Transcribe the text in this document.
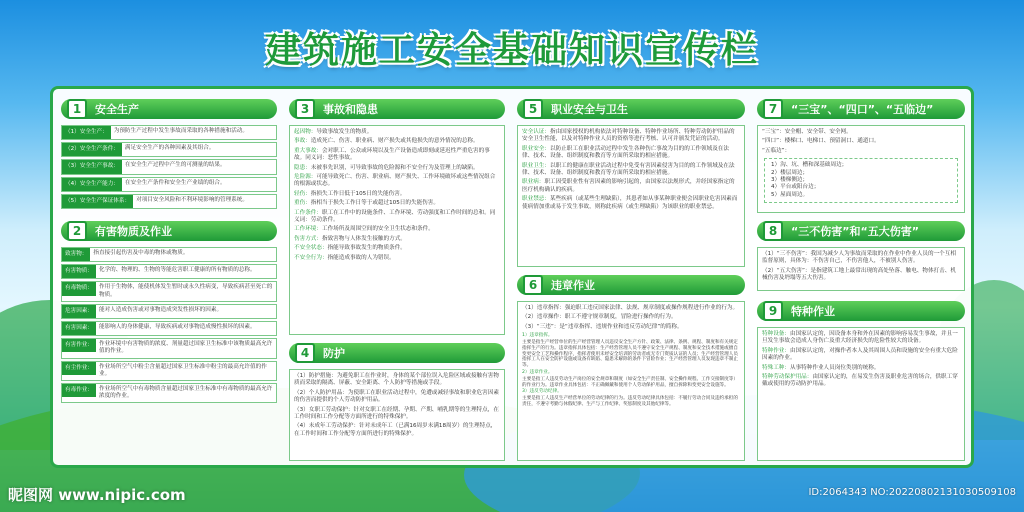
建筑施工安全基础知识宣传栏
1	安全生产
（1）安全生产：	为预防生产过程中发生事故而采取的各种措施和活动。
（2）安全生产条件：	满足安全生产的各种因素及其组合。
（3）安全生产事故：	在安全生产过程中产生的可测量的结果。
（4）安全生产能力：	在安全生产条件和安全生产业绩的组合。
（5）安全生产保证体系：	对项目安全风险和不利环境影响的管理系统。
2	有害物质及作业
致害物：	指直接引起伤害及中毒的物体或物质。
有害物质：	化学的、物理的、生物的等能危害职工健康的所有物质的总称。
有毒物质：	作用于生物体，能使机体发生暂时或永久性病变，导致疾病甚至死亡的物质。
危害因素：	能对人造成伤害或对事物造成突发性损坏的因素。
有害因素：	能影响人的身体健康，导致疾病或对事物造成慢性损坏的因素。
有害作业：	作业环境中有害物质的浓度、剂量超过国家卫生标准中该物质最高允许值的作业。
有尘作业：	作业场所空气中粉尘含量超过国家卫生标准中粉尘的最高允许值的作业。
有毒作业：	作业场所空气中有毒物质含量超过国家卫生标准中有毒物质的最高允许浓度的作业。
3	事故和隐患
起因物：导致事故发生的物质。
事故：造成死亡、伤害、职业病、财产损失或其他损失的意外情况的总称。
重大事故：会对职工、公众或环境以及生产设备造成即刻或延迟性严重危害的事故。同义词：恶性事故。
隐患：未被事先识别，可导致事故的危险源和不安全行为及管理上的缺陷。
危险源：可能导致死亡、伤害、职业病、财产损失、工作环境破坏或这些情况组合的根源或状态。
轻伤：指损失工作日低于105日的失能伤害。
重伤：指相当于损失工作日等于或超过105日的失能伤害。
工作条件：职工在工作中的设施条件、工作环境、劳动强度和工作时间的总和。同义词：劳动条件。
工作环境：工作场所及周围空间的安全卫生状态和条件。
伤害方式：指致害物与人体发生接触的方式。
不安全状态：指能导致事故发生的物质条件。
不安全行为：指能造成事故的人为错误。
4	防护
（1）防护措施：为避免职工在作业时，身体的某个部位误入危险区域或接触有害物质而采取的隔离、屏蔽、安全距离、个人防护等措施或手段。
（2）个人防护用品：为使职工在职业活动过程中，免遭或减轻事故和职业危害因素的伤害而提供的个人劳动防护用品。
（3）女职工劳动保护：针对女职工在经期、孕期、产期、哺乳期等的生理特点，在工作时间和工作分配等方面所进行的特殊保护。
（4）未成年工劳动保护：针对未成年工（已满16周岁未满18周岁）的生理特点，在工作时间和工作分配等方面所进行的特殊保护。
5	职业安全与卫生
安全认证：指由国家授权的机构依法对特种设备、特种作业场所、特种劳动防护用品的安全卫生性能，以及对特种作业人员的资格等进行考核、认可并颁发凭证的活动。
职业安全：以防止职工在职业活动过程中发生各种伤亡事故为目的的工作领域及在法律、技术、设备、组织制度和教育等方面所采取的相应措施。
职业卫生：以职工的健康在职业活动过程中免受有害因素侵害为目的的工作领域及在法律、技术、设备、组织制度和教育等方面所采取的相应措施。
职业病：职工因受职业性有害因素的影响引起的，由国家以法规形式，并经国家指定的医疗机构确认的疾病。
职业禁忌：某些疾病（或某些生理缺陷），其患者如从事某种职业便会因职业危害因素而使病情加重或易于发生事故，则称此疾病（或生理缺陷）为该职业的职业禁忌。
6	违章作业
（1）违章指挥：强迫职工违反国家法律、法规、规章制度或操作规程进行作业的行为。
（2）违章操作：职工不遵守规章制度，冒险进行操作的行为。
（3）“三违”：是“违章指挥、违规作业和违反劳动纪律”的简称。
1）违章指挥。
主要是指生产经营单位的生产经营管理人员违反安全生产方针、政策、法律、条例、规程、制度和有关规定指挥生产的行为。违章指挥具体包括：生产经营管理人员不遵守安全生产规程、制度和安全技术措施或擅自变更安全工艺和操作程序，指挥者使用未经安全培训的劳动者或无专门资质认证的人员；生产经营管理人员指挥工人在安全防护设施或设备有缺陷、隐患未解除的条件下冒险作业；生产经营管理人员发现违章不制止等。
2）违章作业。
主要是指工人违反劳动生产岗位的安全规章和制度（如安全生产责任制、安全操作规程、工作交接制度等）的作业行为。违章作业具体包括：不正确佩戴和使用个人劳动保护用品，擅自拆除和变更安全设施等。
3）违反劳动纪律。
主要是指工人违反生产经营单位的劳动纪律的行为。违反劳动纪律具体包括：不履行劳动合同及违约承担的责任，不遵守考勤与休假纪律、生产与工作纪律、奖惩制度及其他纪律等。
7	“三宝”、“四口”、“五临边”
“三宝”：安全帽、安全带、安全网。
“四口”：楼梯口、电梯口、预留洞口、通道口。
“五临边”：
1）沟、坑、槽和深基础周边；
2）楼层周边；
3）楼梯侧边；
4）平台或阳台边；
5）屋面周边。
8	“三不伤害”和“五大伤害”
（1）“三不伤害”：我国为减少人为事故而采取的在作业中作业人员的一个互相监督原则，具体为：不伤害自己，不伤害他人，不被别人伤害。
（2）“五大伤害”：是指建筑工地上最常出现的高处坠落、触电、物体打击、机械伤害及坍塌等五大伤害。
9	特种作业
特种设备：由国家认定的，因设备本身和外在因素的影响容易发生事故，并且一旦发生事故会造成人身伤亡及重大经济损失的危险性较大的设备。
特种作业：由国家认定的，对操作者本人及其周围人员和设施的安全有重大危险因素的作业。
特殊工种：从事特种作业人员岗位类别的统称。
特种劳动保护用品：由国家认定的，在易发生伤害及职业危害的场合，供职工穿戴或使用的劳动防护用品。
昵图网 www.nipic.com	ID:2064343 NO:20220802131030509108
